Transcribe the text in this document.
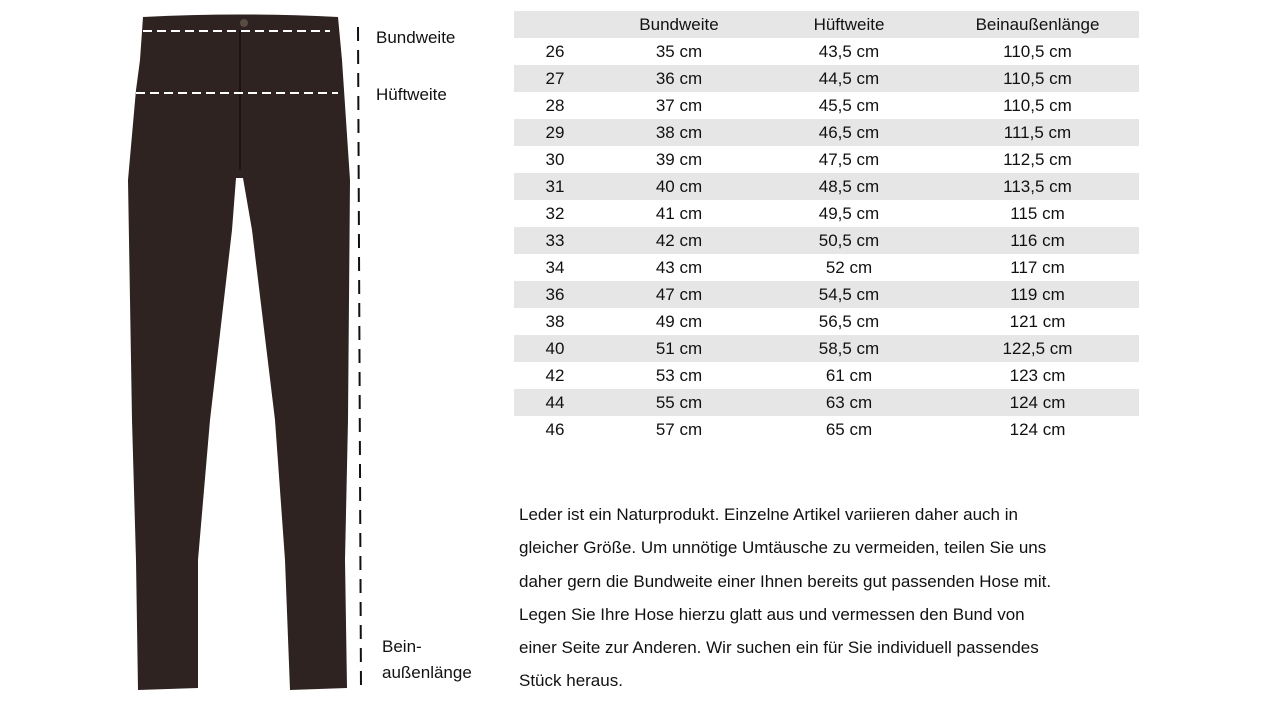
Bundweite
Hüftweite
Bein-
außenlänge
	Bundweite	Hüftweite	Beinaußenlänge
26	35 cm	43,5 cm	110,5 cm
27	36 cm	44,5 cm	110,5 cm
28	37 cm	45,5 cm	110,5 cm
29	38 cm	46,5 cm	111,5 cm
30	39 cm	47,5 cm	112,5 cm
31	40 cm	48,5 cm	113,5 cm
32	41 cm	49,5 cm	115 cm
33	42 cm	50,5 cm	116 cm
34	43 cm	52 cm	117 cm
36	47 cm	54,5 cm	119 cm
38	49 cm	56,5 cm	121 cm
40	51 cm	58,5 cm	122,5 cm
42	53 cm	61 cm	123 cm
44	55 cm	63 cm	124 cm
46	57 cm	65 cm	124 cm
Leder ist ein Naturprodukt. Einzelne Artikel variieren daher auch in
gleicher Größe. Um unnötige Umtäusche zu vermeiden, teilen Sie uns
daher gern die Bundweite einer Ihnen bereits gut passenden Hose mit.
Legen Sie Ihre Hose hierzu glatt aus und vermessen den Bund von
einer Seite zur Anderen. Wir suchen ein für Sie individuell passendes
Stück heraus.
